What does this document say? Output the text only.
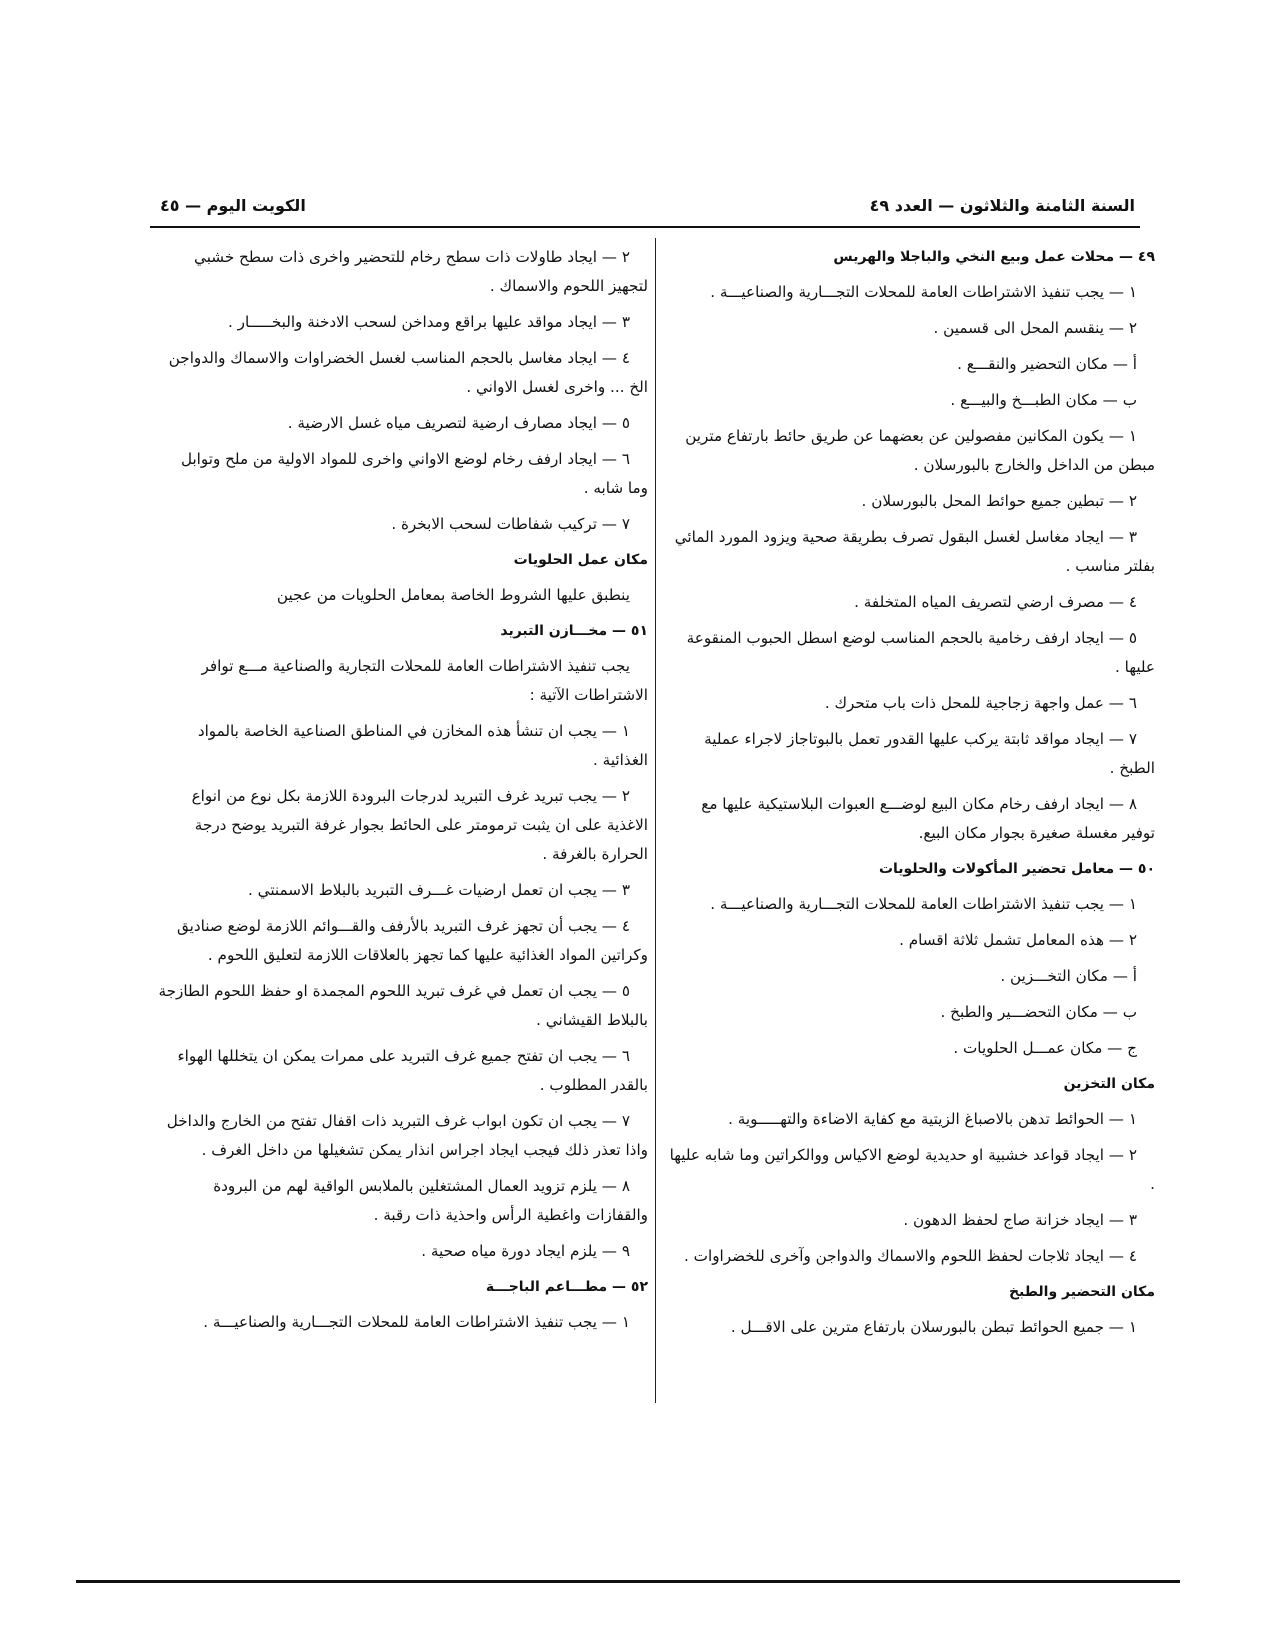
السنة الثامنة والثلاثون — العدد ٤٩
الكويت اليوم — ٤٥

٤٩ — محلات عمل وبيع النخي والباجلا والهريس

١ — يجب تنفيذ الاشتراطات العامة للمحلات التجـــارية والصناعيـــة .

٢ — ينقسم المحل الى قسمين .

أ — مكان التحضير والنقـــع .

ب — مكان الطبـــخ والبيـــع .

١ — يكون المكانين مفصولين عن بعضهما عن طريق حائط بارتفاع مترين مبطن من الداخل والخارج بالبورسلان .

٢ — تبطين جميع حوائط المحل بالبورسلان .

٣ — ايجاد مغاسل لغسل البقول تصرف بطريقة صحية ويزود المورد المائي بفلتر مناسب .

٤ — مصرف ارضي لتصريف المياه المتخلفة .

٥ — ايجاد ارفف رخامية بالحجم المناسب لوضع اسطل الحبوب المنقوعة عليها .

٦ — عمل واجهة زجاجية للمحل ذات باب متحرك .

٧ — ايجاد مواقد ثابتة يركب عليها القدور تعمل بالبوتاجاز لاجراء عملية الطبخ .

٨ — ايجاد ارفف رخام مكان البيع لوضـــع العبوات البلاستيكية عليها مع توفير مغسلة صغيرة بجوار مكان البيع.

٥٠ — معامل تحضير المأكولات والحلويات

١ — يجب تنفيذ الاشتراطات العامة للمحلات التجـــارية والصناعيـــة .

٢ — هذه المعامل تشمل ثلاثة اقسام .

أ — مكان التخـــزين .

ب — مكان التحضـــير والطبخ .

ج — مكان عمـــل الحلويات .

مكان التخزين

١ — الحوائط تدهن بالاصباغ الزيتية مع كفاية الاضاءة والتهـــــوية .

٢ — ايجاد قواعد خشبية او حديدية لوضع الاكياس ووالكراتين وما شابه عليها .

٣ — ايجاد خزانة صاج لحفظ الدهون .

٤ — ايجاد ثلاجات لحفظ اللحوم والاسماك والدواجن وآخرى للخضراوات .

مكان التحضير والطبخ

١ — جميع الحوائط تبطن بالبورسلان بارتفاع مترين على الاقـــل .

٢ — ايجاد طاولات ذات سطح رخام للتحضير واخرى ذات سطح خشبي لتجهيز اللحوم والاسماك .

٣ — ايجاد مواقد عليها براقع ومداخن لسحب الادخنة والبخـــــار .

٤ — ايجاد مغاسل بالحجم المناسب لغسل الخضراوات والاسماك والدواجن الخ ... واخرى لغسل الاواني .

٥ — ايجاد مصارف ارضية لتصريف مياه غسل الارضية .

٦ — ايجاد ارفف رخام لوضع الاواني واخرى للمواد الاولية من ملح وتوابل وما شابه .

٧ — تركيب شفاطات لسحب الابخرة .

مكان عمل الحلويات

ينطبق عليها الشروط الخاصة بمعامل الحلويات من عجين

٥١ — مخـــازن التبريد

يجب تنفيذ الاشتراطات العامة للمحلات التجارية والصناعية مـــع توافر الاشتراطات الآتية :

١ — يجب ان تنشأ هذه المخازن في المناطق الصناعية الخاصة بالمواد الغذائية .

٢ — يجب تبريد غرف التبريد لدرجات البرودة اللازمة بكل نوع من انواع الاغذية على ان يثبت ترمومتر على الحائط بجوار غرفة التبريد يوضح درجة الحرارة بالغرفة .

٣ — يجب ان تعمل ارضيات غـــرف التبريد بالبلاط الاسمنتي .

٤ — يجب أن تجهز غرف التبريد بالأرفف والقـــوائم اللازمة لوضع صناديق وكراتين المواد الغذائية عليها كما تجهز بالعلاقات اللازمة لتعليق اللحوم .

٥ — يجب ان تعمل في غرف تبريد اللحوم المجمدة او حفظ اللحوم الطازجة بالبلاط القيشاني .

٦ — يجب ان تفتح جميع غرف التبريد على ممرات يمكن ان يتخللها الهواء بالقدر المطلوب .

٧ — يجب ان تكون ابواب غرف التبريد ذات اقفال تفتح من الخارج والداخل واذا تعذر ذلك فيجب ايجاد اجراس انذار يمكن تشغيلها من داخل الغرف .

٨ — يلزم تزويد العمال المشتغلين بالملابس الواقية لهم من البرودة والقفازات واغطية الرأس واحذية ذات رقبة .

٩ — يلزم ايجاد دورة مياه صحية .

٥٢ — مطـــاعم الباجـــة

١ — يجب تنفيذ الاشتراطات العامة للمحلات التجـــارية والصناعيـــة .
